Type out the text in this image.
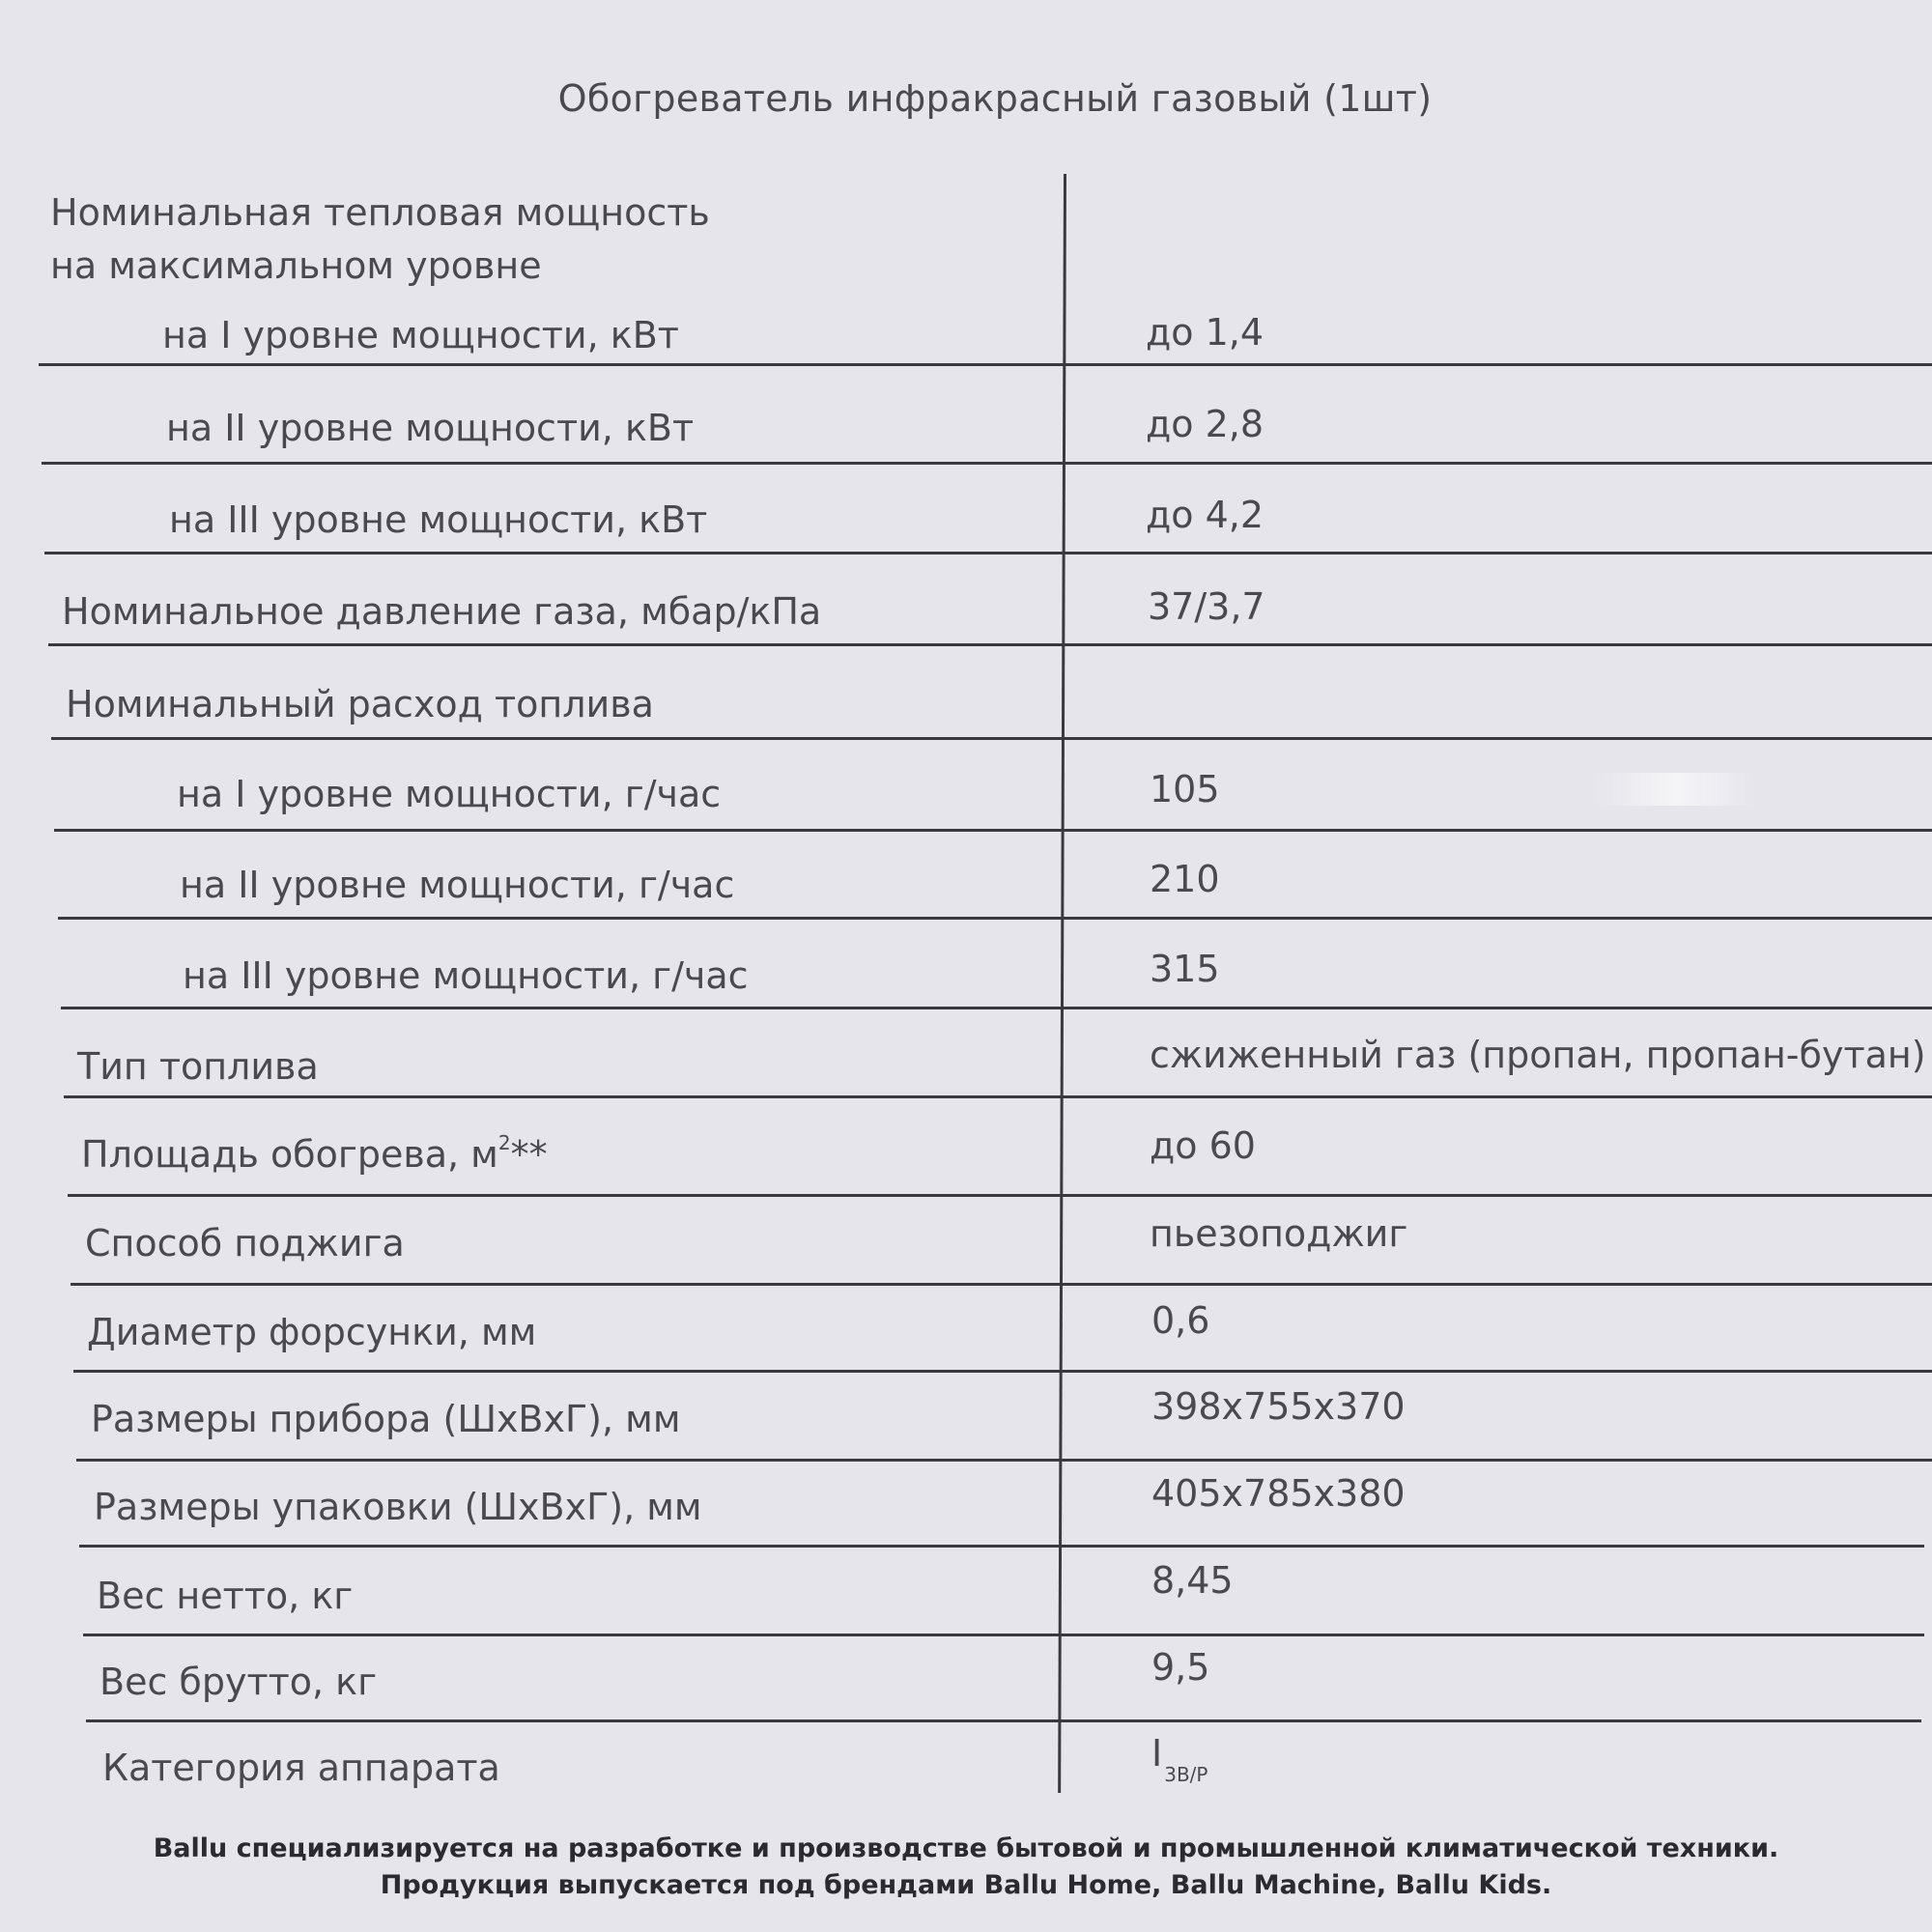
Обогреватель инфракрасный газовый (1шт)
Номинальная тепловая мощность
на максимальном уровне
на I уровне мощности, кВт	до 1,4
на II уровне мощности, кВт	до 2,8
на III уровне мощности, кВт	до 4,2
Номинальное давление газа, мбар/кПа	37/3,7
Номинальный расход топлива
на I уровне мощности, г/час	105
на II уровне мощности, г/час	210
на III уровне мощности, г/час	315
Тип топлива	сжиженный газ (пропан, пропан-бутан)
Площадь обогрева, $м^2**$	до 60
Способ поджига	пьезоподжиг
Диаметр форсунки, мм	0,6
Размеры прибора (ШхВхГ), мм	398x755x370
Размеры упаковки (ШхВхГ), мм	405x785x380
Вес нетто, кг	8,45
Вес брутто, кг	9,5
Категория аппарата	I $_{3B/P}$
Ballu специализируется на разработке и производстве бытовой и промышленной климатической техники.
Продукция выпускается под брендами Ballu Home, Ballu Machine, Ballu Kids.
